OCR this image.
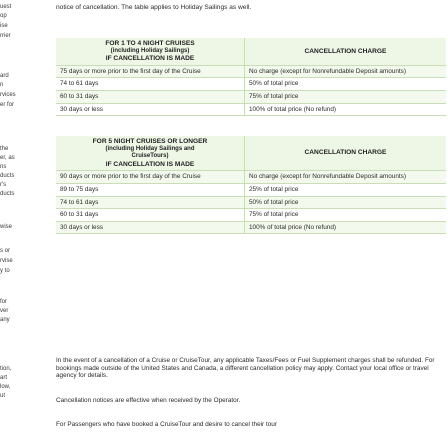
uest
op
ise
rrier
ard
n
rvices
er for
the
er, as
ns
ducts
r's
ducts
wise
s or
rvise
y to
for
ver
any
tion,
art
low,
ut
notice of cancellation. The table applies to Holiday Sailings as well.
FOR 1 TO 4 NIGHT CRUISES
(including Holiday Sailings)
IF CANCELLATION IS MADE
CANCELLATION CHARGE
75 days or more prior to the first day of the Cruise	No charge (except for Nonrefundable Deposit amounts)
74 to 61 days	50% of total price
60 to 31 days	75% of total price
30 days or less	100% of total price (No refund)
FOR 5 NIGHT CRUISES OR LONGER
(including Holiday Sailings and
CruiseTours)
IF CANCELLATION IS MADE
CANCELLATION CHARGE
90 days or more prior to the first day of the Cruise	No charge (except for Nonrefundable Deposit amounts)
89 to 75 days	25% of total price
74 to 61 days	50% of total price
60 to 31 days	75% of total price
30 days or less	100% of total price (No refund)
In the event of a cancellation of a Cruise or CruiseTour, any applicable Taxes/Fees or Fuel Supplement charges shall be refunded. For bookings made outside of the United States and Canada, a different cancellation policy may apply. Contact your local office or travel agency for details.
Cancellation notices are effective when received by the Operator.
For Passengers who have booked a CruiseTour and desire to cancel their tour
